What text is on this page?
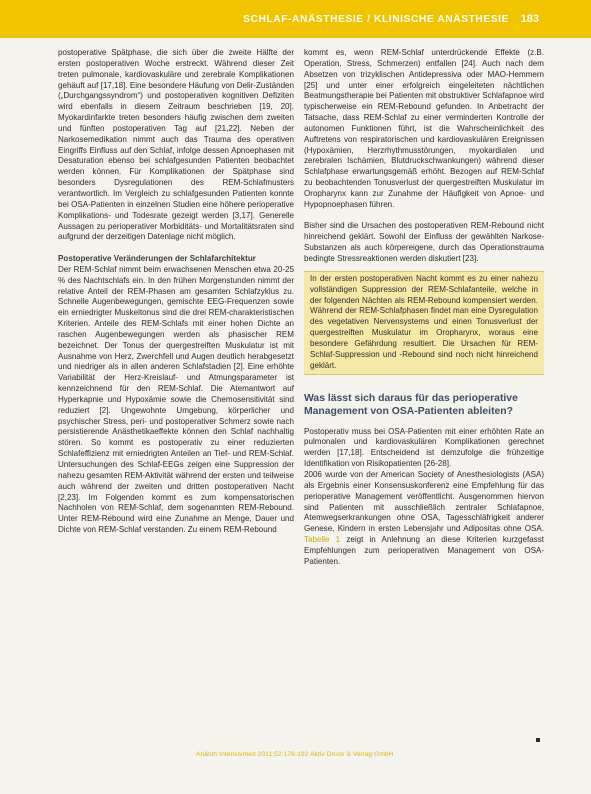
SCHLAF-ANÄSTHESIE / KLINISCHE ANÄSTHESIE 183

postoperative Spätphase, die sich über die zweite Hälfte der ersten postoperativen Woche erstreckt. Während dieser Zeit treten pulmonale, kardiovaskuläre und zerebrale Komplikationen gehäuft auf [17,18]. Eine besondere Häufung von Delir-Zuständen („Durchgangssyndrom“) und postoperativen kognitiven Defiziten wird ebenfalls in diesem Zeitraum beschrieben [19, 20]. Myokardinfarkte treten besonders häufig zwischen dem zweiten und fünften postoperativen Tag auf [21,22]. Neben der Narkosemedikation nimmt auch das Trauma des operativen Eingriffs Einfluss auf den Schlaf, infolge dessen Apnoephasen mit Desaturation ebenso bei schlafgesunden Patienten beobachtet werden können. Für Komplikationen der Spätphase sind besonders Dysregulationen des REM-Schlafmusters verantwortlich. Im Vergleich zu schlafgesunden Patienten konnte bei OSA-Patienten in einzelnen Studien eine höhere perioperative Komplikations- und Todesrate gezeigt werden [3,17]. Generelle Aussagen zu perioperativer Morbiditäts- und Mortalitätsraten sind aufgrund der derzeitigen Datenlage nicht möglich.

Postoperative Veränderungen der Schlafarchitektur

Der REM-Schlaf nimmt beim erwachsenen Menschen etwa 20-25 % des Nachtschlafs ein. In den frühen Morgenstunden nimmt der relative Anteil der REM-Phasen am gesamten Schlafzyklus zu. Schnelle Augenbewegungen, gemischte EEG-Frequenzen sowie ein erniedrigter Muskeltonus sind die drei REM-charakteristischen Kriterien. Anteile des REM-Schlafs mit einer hohen Dichte an raschen Augenbewegungen werden als phasischer REM bezeichnet. Der Tonus der quergestreiften Muskulatur ist mit Ausnahme von Herz, Zwerchfell und Augen deutlich herabgesetzt und niedriger als in allen anderen Schlafstadien [2]. Eine erhöhte Variabilität der Herz-Kreislauf- und Atmungsparameter ist kennzeichnend für den REM-Schlaf. Die Atemantwort auf Hyperkapnie und Hypoxämie sowie die Chemosensitivität sind reduziert [2]. Ungewohnte Umgebung, körperlicher und psychischer Stress, peri- und postoperativer Schmerz sowie nach persistierende Anästhetikaeffekte können den Schlaf nachhaltig stören. So kommt es postoperativ zu einer reduzierten Schlafeffizienz mit erniedrigten Anteilen an Tief- und REM-Schlaf. Untersuchungen des Schlaf-EEGs zeigen eine Suppression der nahezu gesamten REM-Aktivität während der ersten und teilweise auch während der zweiten und dritten postoperativen Nacht [2,23]. Im Folgenden kommt es zum kompensatorischen Nachholen von REM-Schlaf, dem sogenannten REM-Rebound. Unter REM-Rebound wird eine Zunahme an Menge, Dauer und Dichte von REM-Schlaf verstanden. Zu einem REM-Rebound

kommt es, wenn REM-Schlaf unterdrückende Effekte (z.B. Operation, Stress, Schmerzen) entfallen [24]. Auch nach dem Absetzen von trizyklischen Antidepressiva oder MAO-Hemmern [25] und unter einer erfolgreich eingeleiteten nächtlichen Beatmungstherapie bei Patienten mit obstruktiver Schlafapnoe wird typischerweise ein REM-Rebound gefunden. In Anbetracht der Tatsache, dass REM-Schlaf zu einer verminderten Kontrolle der autonomen Funktionen führt, ist die Wahrscheinlichkeit des Auftretens von respiratorischen und kardiovaskulären Ereignissen (Hypoxämien, Herzrhythmusstörungen, myokardialen und zerebralen Ischämien, Blutdruckschwankungen) während dieser Schlafphase erwartungsgemäß erhöht. Bezogen auf REM-Schlaf zu beobachtenden Tonusverlust der quergestreiften Muskulatur im Oropharynx kann zur Zunahme der Häufigkeit von Apnoe- und Hypopnoephasen führen.

Bisher sind die Ursachen des postoperativen REM-Rebound nicht hinreichend geklärt. Sowohl der Einfluss der gewählten Narkose-Substanzen als auch körpereigene, durch das Operationstrauma bedingte Stressreaktionen werden diskutiert [23].

In der ersten postoperativen Nacht kommt es zu einer nahezu vollständigen Suppression der REM-Schlafanteile, welche in der folgenden Nächten als REM-Rebound kompensiert werden. Während der REM-Schlafphasen findet man eine Dysregulation des vegetativen Nervensystems und einen Tonusverlust der quergestreiften Muskulatur im Oropharynx, woraus eine besondere Gefährdung resultiert. Die Ursachen für REM-Schlaf-Suppression und -Rebound sind noch nicht hinreichend geklärt.
Was lässt sich daraus für das perioperative Management von OSA-Patienten ableiten?

Postoperativ muss bei OSA-Patienten mit einer erhöhten Rate an pulmonalen und kardiovaskulären Komplikationen gerechnet werden [17,18]. Entscheidend ist demzufolge die frühzeitige Identifikation von Risikopatienten [26-28].

2006 wurde von der American Society of Anesthesiologists (ASA) als Ergebnis einer Konsensuskonferenz eine Empfehlung für das perioperative Management veröffentlicht. Ausgenommen hiervon sind Patienten mit ausschließlich zentraler Schlafapnoe, Atemwegserkrankungen ohne OSA, Tagesschläfrigkeit anderer Genese, Kindern in ersten Lebensjahr und Adipositas ohne OSA. Tabelle 1 zeigt in Anlehnung an diese Kriterien kurzgefasst Empfehlungen zum perioperativen Management von OSA-Patienten.

Anästh Intensivmed 2011;52:178-192 Aktiv Druck & Verlag GmbH
